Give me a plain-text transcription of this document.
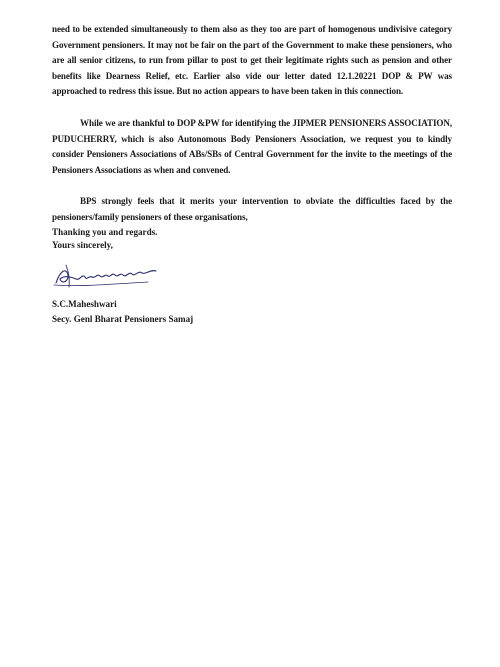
need to be extended simultaneously to them also as they too are part of homogenous undivisive category Government pensioners. It may not be fair on the part of the Government to make these pensioners, who are all senior citizens, to run from pillar to post to get their legitimate rights such as pension and other benefits like Dearness Relief, etc. Earlier also vide our letter dated 12.1.20221 DOP & PW was approached to redress this issue. But no action appears to have been taken in this connection.

While we are thankful to DOP &PW for identifying the JIPMER PENSIONERS ASSOCIATION, PUDUCHERRY, which is also Autonomous Body Pensioners Association, we request you to kindly consider Pensioners Associations of ABs/SBs of Central Government for the invite to the meetings of the Pensioners Associations as when and convened.

BPS strongly feels that it merits your intervention to obviate the difficulties faced by the pensioners/family pensioners of these organisations,

Thanking you and regards.

Yours sincerely,

S.C.Maheshwari

Secy. Genl Bharat Pensioners Samaj
